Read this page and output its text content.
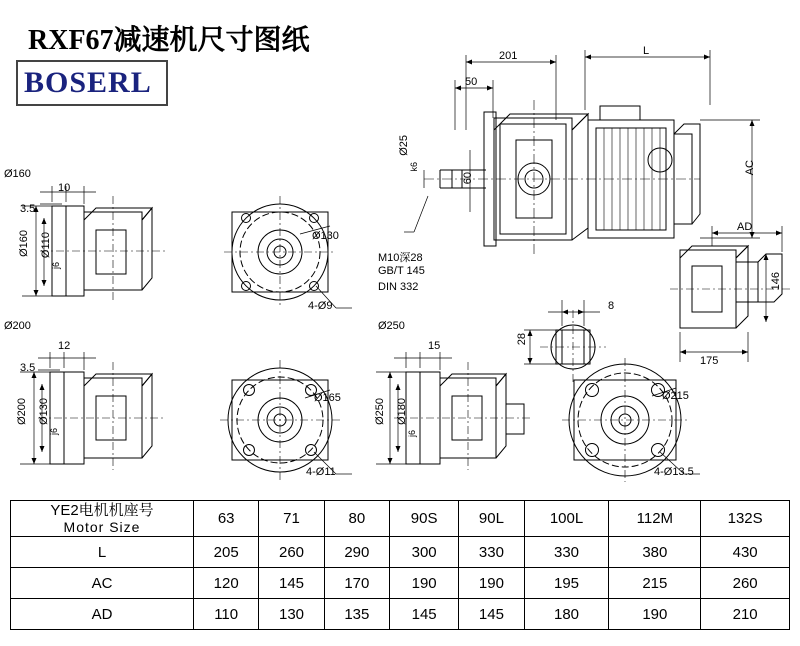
RXF67减速机尺寸图纸
BOSERL
201	L
50
Ø25
k6
60
AC
M10深28
GB/T 145
DIN 332
8
28
AD
146
175
Ø160
10
3.5
Ø160 Ø110
j6
Ø130
4-Ø9
Ø200
12
3.5
Ø200 Ø130
j6
Ø165
4-Ø11
Ø250
15
Ø250 Ø180
j6
Ø215
4-Ø13.5
YE2电机机座号
Motor Size	63	71	80	90S	90L	100L	112M	132S
L	205	260	290	300	330	330	380	430
AC	120	145	170	190	190	195	215	260
AD	110	130	135	145	145	180	190	210
